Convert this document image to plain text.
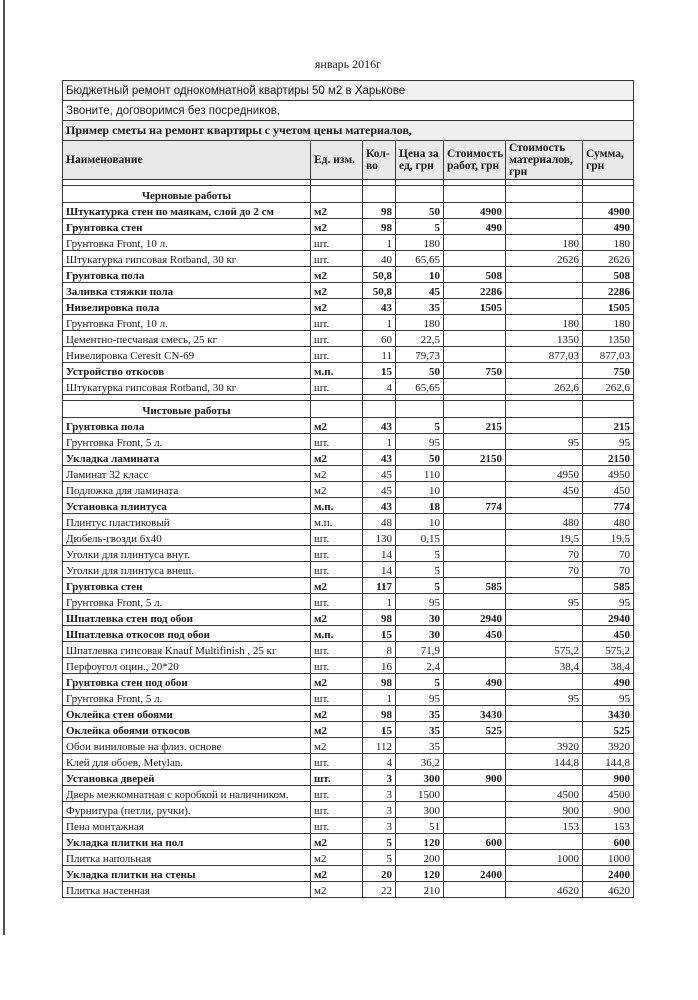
январь 2016г
Бюджетный ремонт однокомнатной квартиры 50 м2 в Харькове						
Звоните, договоримся без посредников,						
Пример сметы на ремонт квартиры с учетом цены материалов,						
Наименование	Ед. изм.	Кол-во	Цена за ед, грн	Стоимость работ, грн	Стоимость материалов, грн	Сумма, грн

Черновые работы						
Штукатурка стен по маякам, слой до 2 см	м2	98	50	4900		4900
Грунтовка стен	м2	98	5	490		490
Грунтовка Front, 10 л.	шт.	1	180		180	180
Штукатурка гипсовая Rotband, 30 кг	шт.	40	65,65		2626	2626
Грунтовка пола	м2	50,8	10	508		508
Заливка стяжки пола	м2	50,8	45	2286		2286
Нивелировка пола	м2	43	35	1505		1505
Грунтовка Front, 10 л.	шт.	1	180		180	180
Цементно-песчаная смесь, 25 кг	шт.	60	22,5		1350	1350
Нивелировка Ceresit CN-69	шт.	11	79,73		877,03	877,03
Устройство откосов	м.п.	15	50	750		750
Штукатурка гипсовая Rotband, 30 кг	шт.	4	65,65		262,6	262,6

Чистовые работы						
Грунтовка пола	м2	43	5	215		215
Грунтовка Front, 5 л.	шт.	1	95		95	95
Укладка ламината	м2	43	50	2150		2150
Ламинат 32 класс	м2	45	110		4950	4950
Подложка для ламината	м2	45	10		450	450
Установка плинтуса	м.п.	43	18	774		774
Плинтус пластиковый	м.п.	48	10		480	480
Дюбель-гвозди 6х40	шт.	130	0,15		19,5	19,5
Уголки для плинтуса внут.	шт.	14	5		70	70
Уголки для плинтуса внеш.	шт.	14	5		70	70
Грунтовка стен	м2	117	5	585		585
Грунтовка Front, 5 л.	шт.	1	95		95	95
Шпатлевка стен под обои	м2	98	30	2940		2940
Шпатлевка откосов под обои	м.п.	15	30	450		450
Шпатлевка гипсовая Knauf Multifinish , 25 кг	шт.	8	71,9		575,2	575,2
Перфоугол оцин., 20*20	шт.	16	2,4		38,4	38,4
Грунтовка стен под обои	м2	98	5	490		490
Грунтовка Front, 5 л.	шт.	1	95		95	95
Оклейка стен обоями	м2	98	35	3430		3430
Оклейка обоями откосов	м2	15	35	525		525
Обои виниловые на флиз. основе	м2	112	35		3920	3920
Клей для обоев, Metylan.	шт.	4	36,2		144,8	144,8
Установка дверей	шт.	3	300	900		900
Дверь межкомнатная с коробкой и наличником.	шт.	3	1500		4500	4500
Фурнитура (петли, ручки).	шт.	3	300		900	900
Пена монтажная	шт.	3	51		153	153
Укладка плитки на пол	м2	5	120	600		600
Плитка напольная	м2	5	200		1000	1000
Укладка плитки на стены	м2	20	120	2400		2400
Плитка настенная	м2	22	210		4620	4620
